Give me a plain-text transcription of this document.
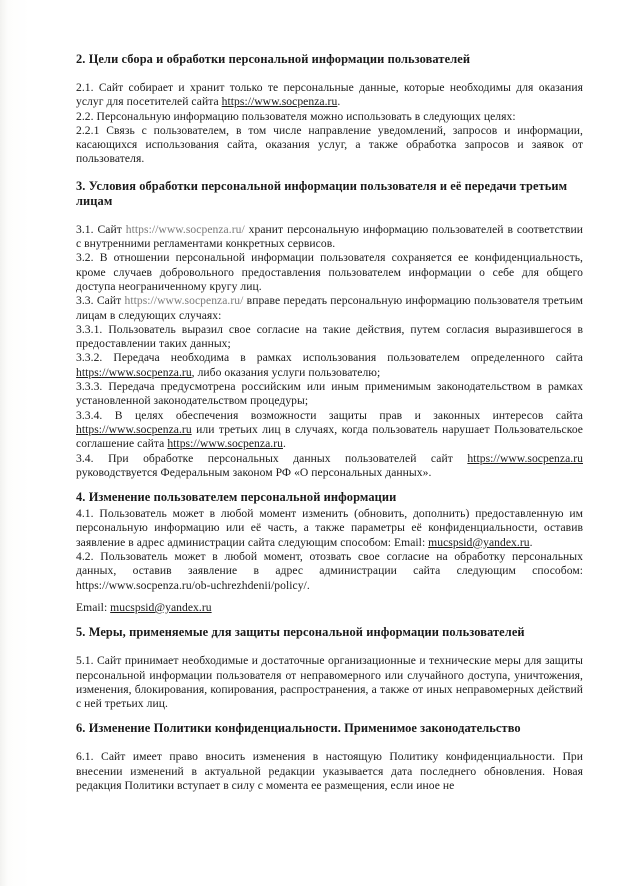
2. Цели сбора и обработки персональной информации пользователей

2.1. Сайт собирает и хранит только те персональные данные, которые необходимы для оказания услуг для посетителей сайта https://www.socpenza.ru.

2.2. Персональную информацию пользователя можно использовать в следующих целях:

2.2.1 Связь с пользователем, в том числе направление уведомлений, запросов и информации, касающихся использования сайта, оказания услуг, а также обработка запросов и заявок от пользователя.

3. Условия обработки персональной информации пользователя и её передачи третьим лицам

3.1. Сайт https://www.socpenza.ru/ хранит персональную информацию пользователей в соответствии с внутренними регламентами конкретных сервисов.

3.2. В отношении персональной информации пользователя сохраняется ее конфиденциальность, кроме случаев добровольного предоставления пользователем информации о себе для общего доступа неограниченному кругу лиц.

3.3. Сайт https://www.socpenza.ru/ вправе передать персональную информацию пользователя третьим лицам в следующих случаях:

3.3.1. Пользователь выразил свое согласие на такие действия, путем согласия выразившегося в предоставлении таких данных;

3.3.2. Передача необходима в рамках использования пользователем определенного сайта https://www.socpenza.ru, либо оказания услуги пользователю;

3.3.3. Передача предусмотрена российским или иным применимым законодательством в рамках установленной законодательством процедуры;

3.3.4. В целях обеспечения возможности защиты прав и законных интересов сайта https://www.socpenza.ru или третьих лиц в случаях, когда пользователь нарушает Пользовательское соглашение сайта https://www.socpenza.ru.

3.4. При обработке персональных данных пользователей сайт https://www.socpenza.ru руководствуется Федеральным законом РФ «О персональных данных».

4. Изменение пользователем персональной информации

4.1. Пользователь может в любой момент изменить (обновить, дополнить) предоставленную им персональную информацию или её часть, а также параметры её конфиденциальности, оставив заявление в адрес администрации сайта следующим способом: Email: mucspsid@yandex.ru.

4.2. Пользователь может в любой момент, отозвать свое согласие на обработку персональных данных, оставив заявление в адрес администрации сайта следующим способом: https://www.socpenza.ru/ob-uchrezhdenii/policy/.

Email: mucspsid@yandex.ru

5. Меры, применяемые для защиты персональной информации пользователей

5.1. Сайт принимает необходимые и достаточные организационные и технические меры для защиты персональной информации пользователя от неправомерного или случайного доступа, уничтожения, изменения, блокирования, копирования, распространения, а также от иных неправомерных действий с ней третьих лиц.

6. Изменение Политики конфиденциальности. Применимое законодательство

6.1. Сайт имеет право вносить изменения в настоящую Политику конфиденциальности. При внесении изменений в актуальной редакции указывается дата последнего обновления. Новая редакция Политики вступает в силу с момента ее размещения, если иное не
